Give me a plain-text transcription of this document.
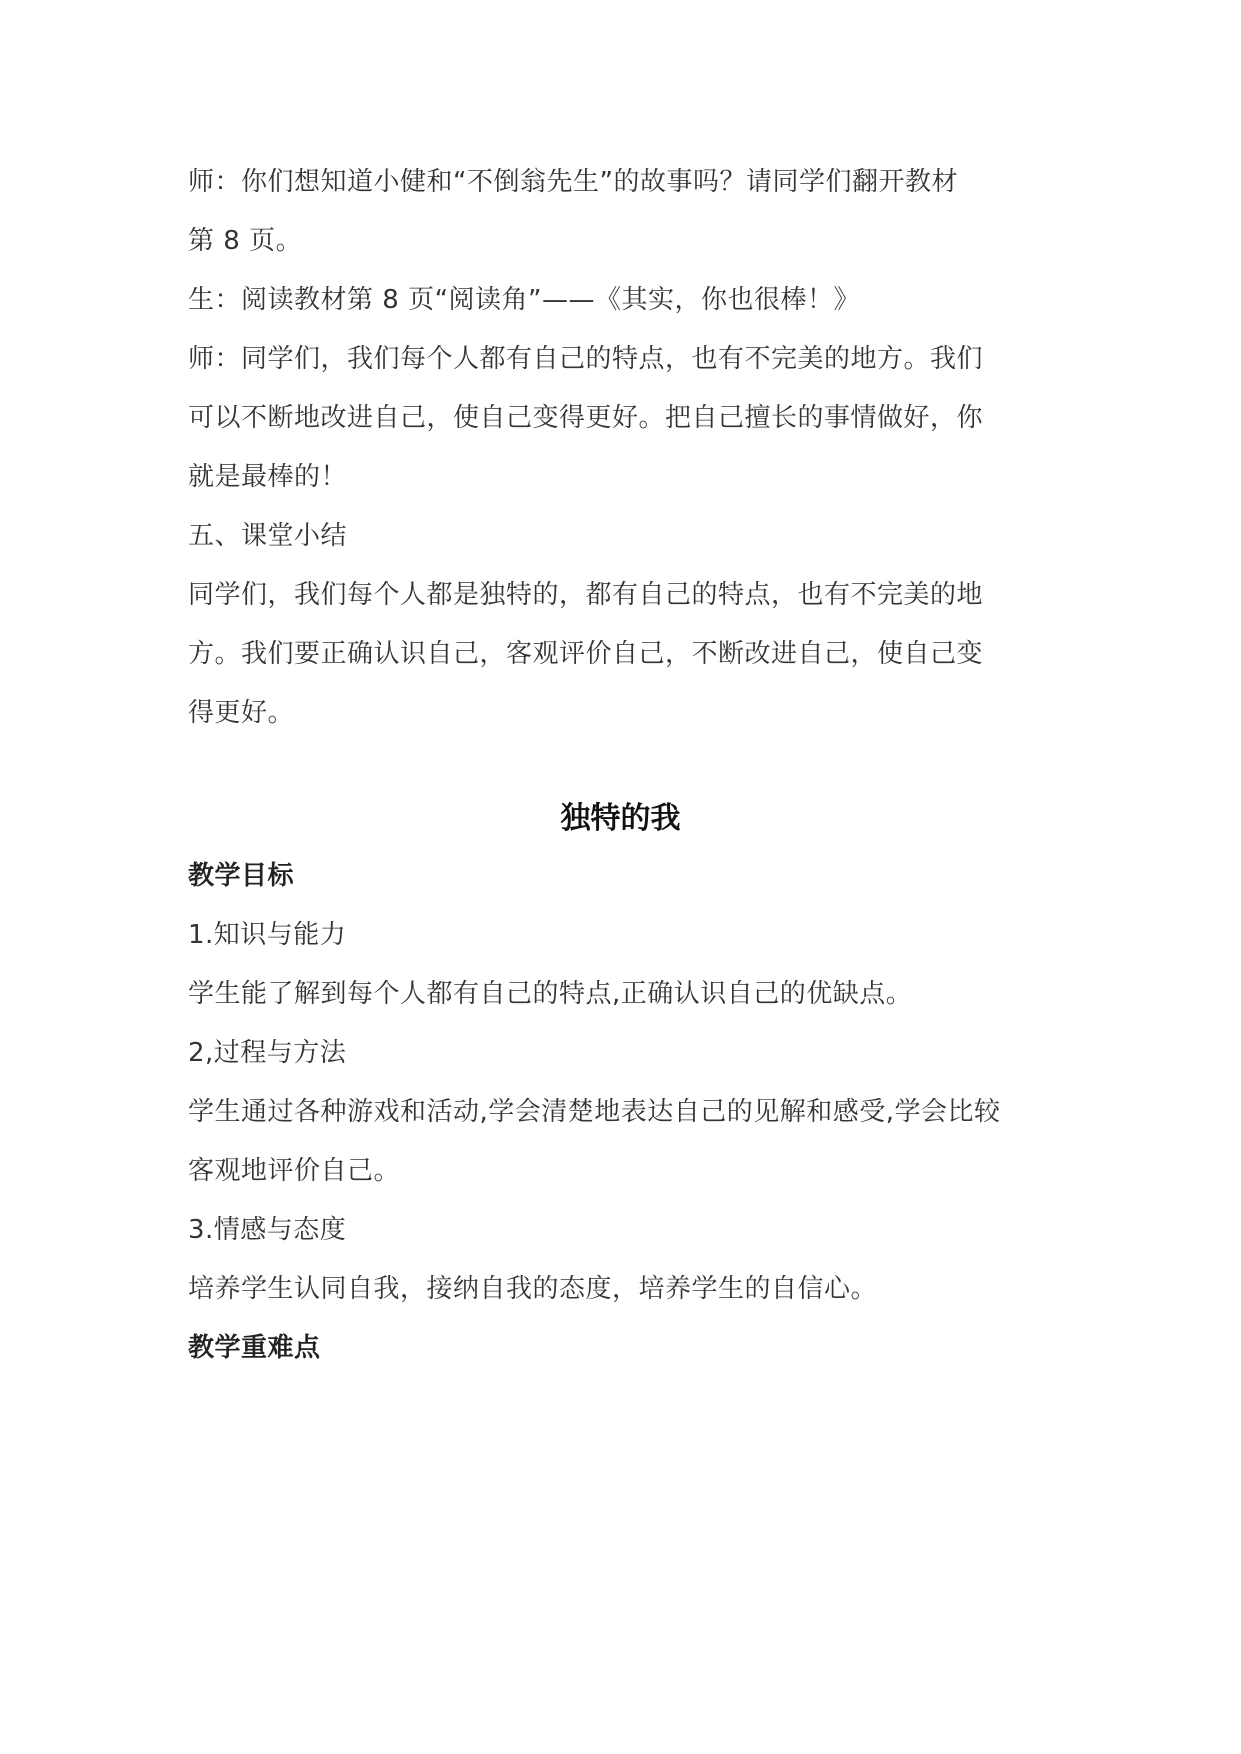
师：你们想知道小健和“不倒翁先生”的故事吗？请同学们翻开教材
第 8 页。
生：阅读教材第 8 页“阅读角”——《其实，你也很棒！》
师：同学们，我们每个人都有自己的特点，也有不完美的地方。我们
可以不断地改进自己，使自己变得更好。把自己擅长的事情做好，你
就是最棒的！
五、课堂小结
同学们，我们每个人都是独特的，都有自己的特点，也有不完美的地
方。我们要正确认识自己，客观评价自己，不断改进自己，使自己变
得更好。
独特的我
教学目标
1.知识与能力
学生能了解到每个人都有自己的特点,正确认识自己的优缺点。
2,过程与方法
学生通过各种游戏和活动,学会清楚地表达自己的见解和感受,学会比较
客观地评价自己。
3.情感与态度
培养学生认同自我，接纳自我的态度，培养学生的自信心。
教学重难点
